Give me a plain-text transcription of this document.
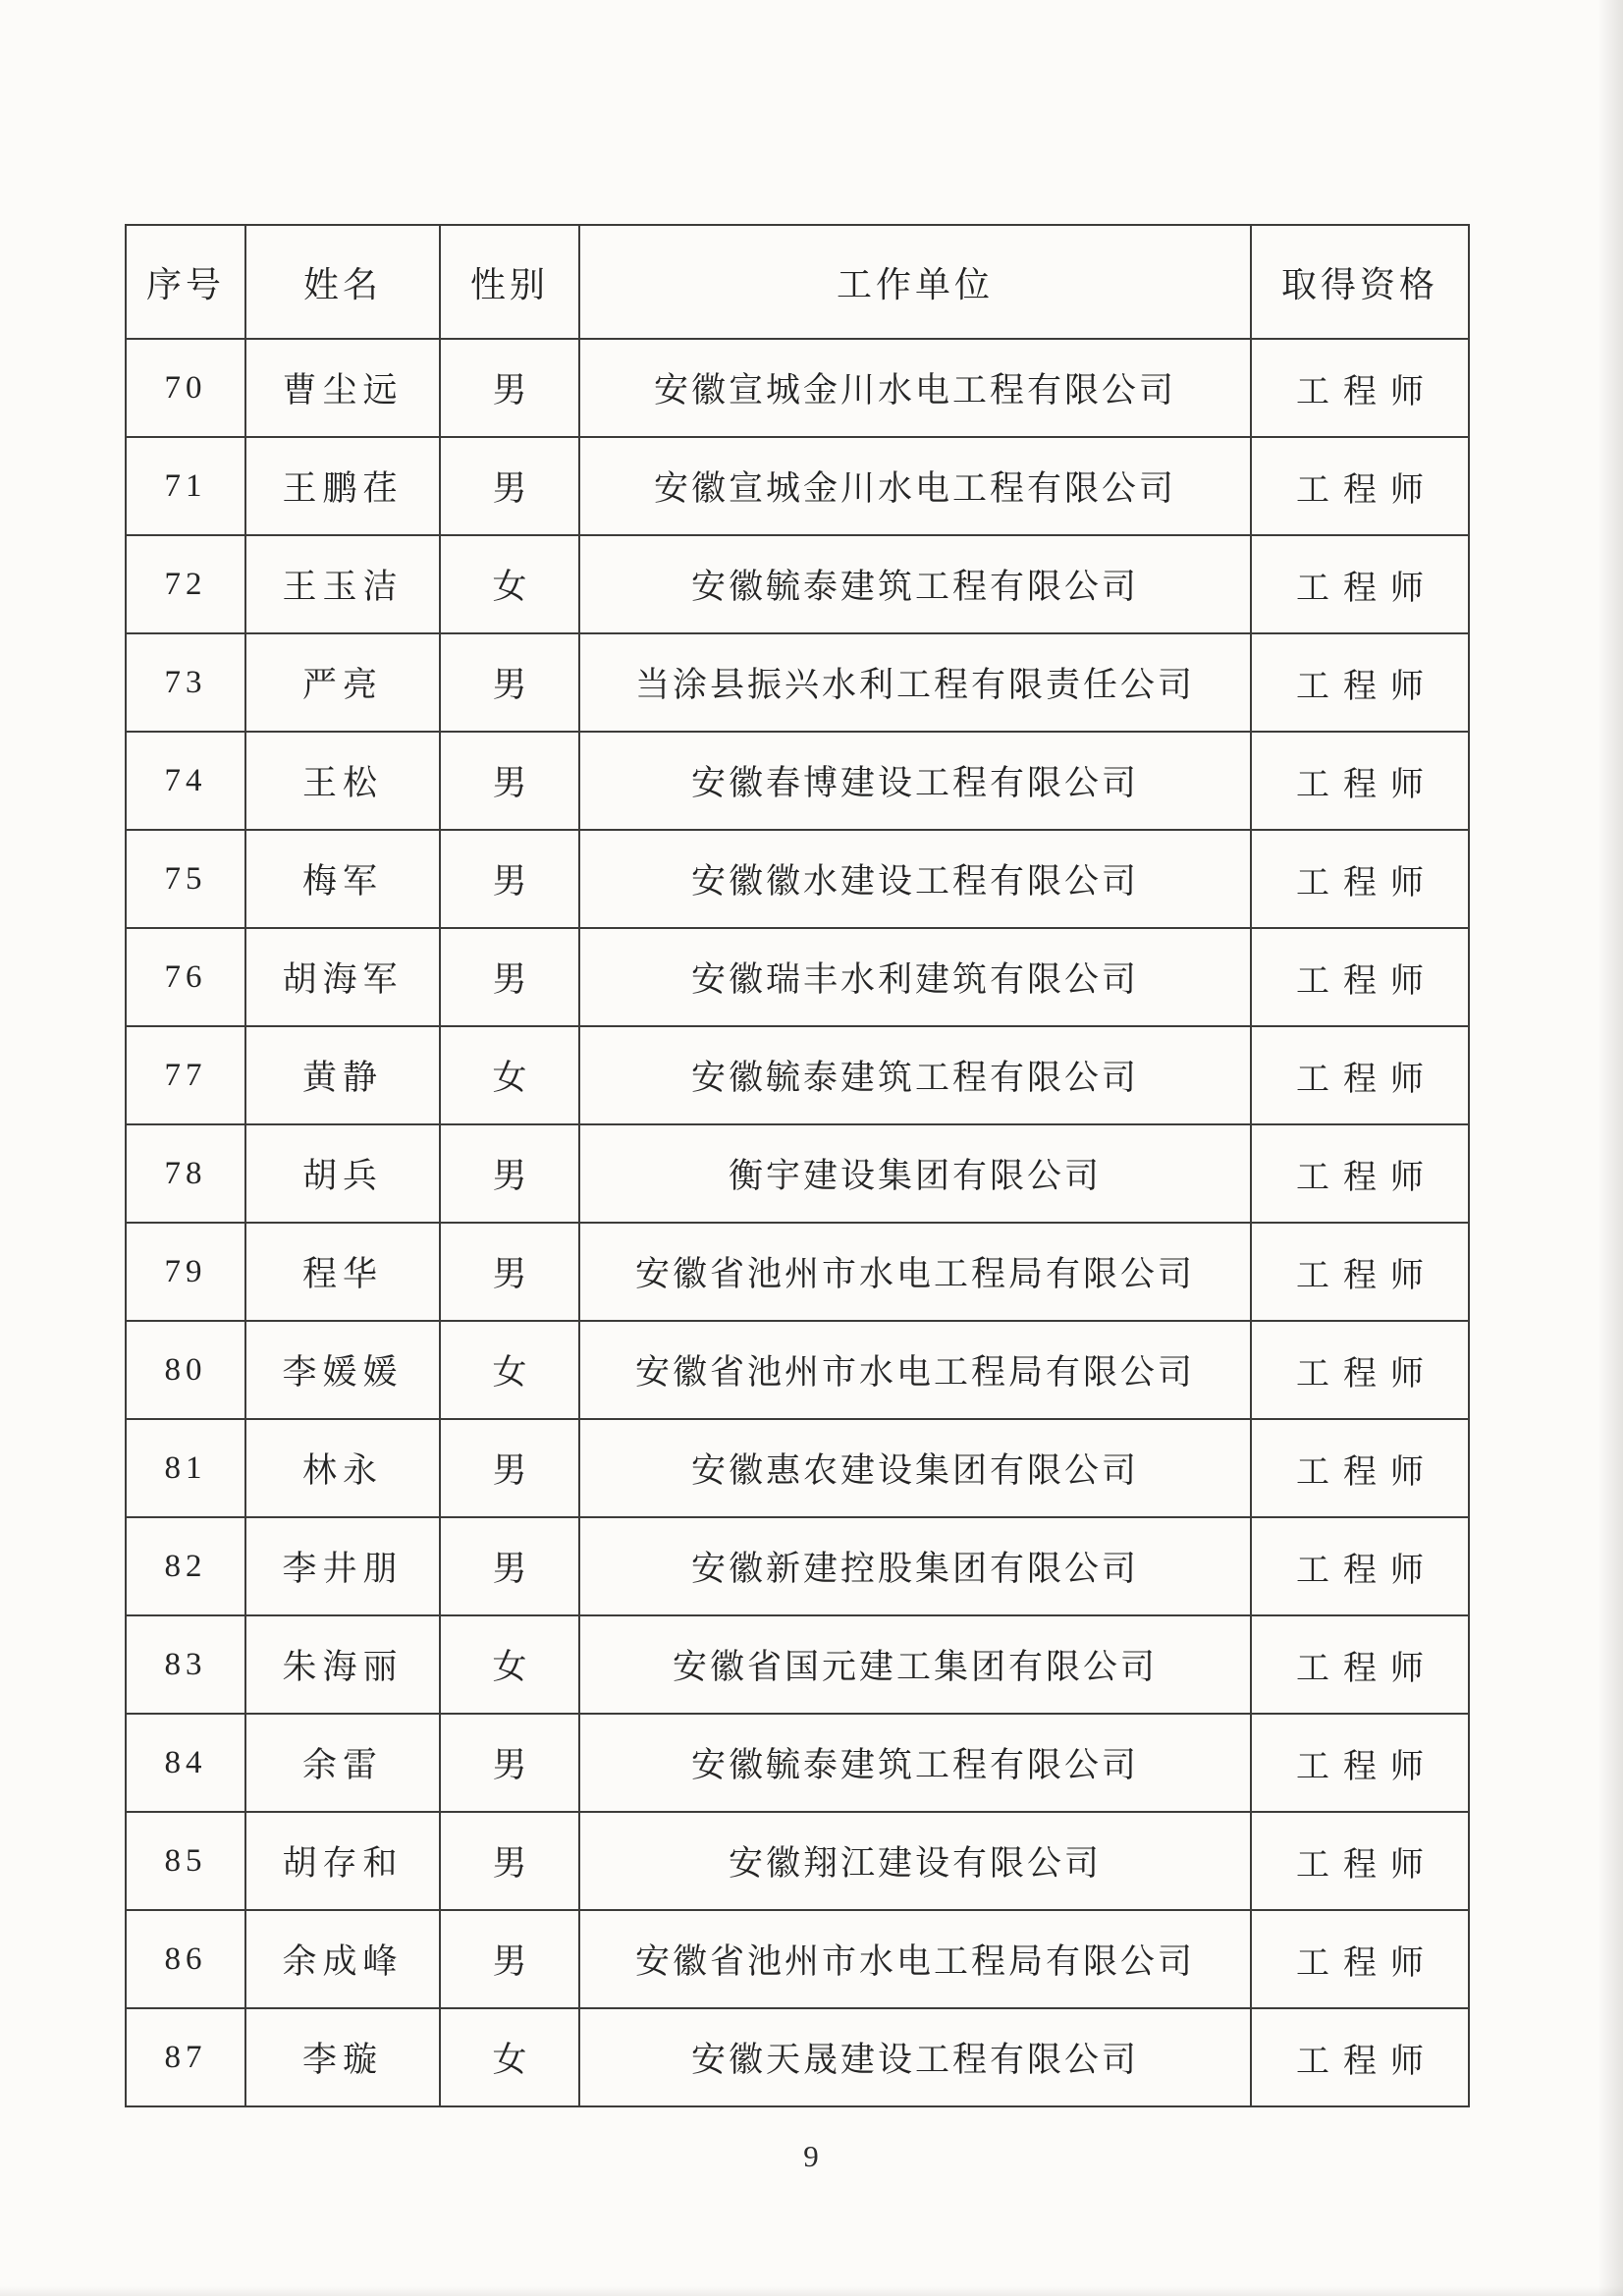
序号	姓名	性别	工作单位	取得资格
70	曹尘远	男	安徽宣城金川水电工程有限公司	工程师
71	王鹏荏	男	安徽宣城金川水电工程有限公司	工程师
72	王玉洁	女	安徽毓泰建筑工程有限公司	工程师
73	严亮	男	当涂县振兴水利工程有限责任公司	工程师
74	王松	男	安徽春博建设工程有限公司	工程师
75	梅军	男	安徽徽水建设工程有限公司	工程师
76	胡海军	男	安徽瑞丰水利建筑有限公司	工程师
77	黄静	女	安徽毓泰建筑工程有限公司	工程师
78	胡兵	男	衡宇建设集团有限公司	工程师
79	程华	男	安徽省池州市水电工程局有限公司	工程师
80	李媛媛	女	安徽省池州市水电工程局有限公司	工程师
81	林永	男	安徽惠农建设集团有限公司	工程师
82	李井朋	男	安徽新建控股集团有限公司	工程师
83	朱海丽	女	安徽省国元建工集团有限公司	工程师
84	余雷	男	安徽毓泰建筑工程有限公司	工程师
85	胡存和	男	安徽翔江建设有限公司	工程师
86	余成峰	男	安徽省池州市水电工程局有限公司	工程师
87	李璇	女	安徽天晟建设工程有限公司	工程师
9
